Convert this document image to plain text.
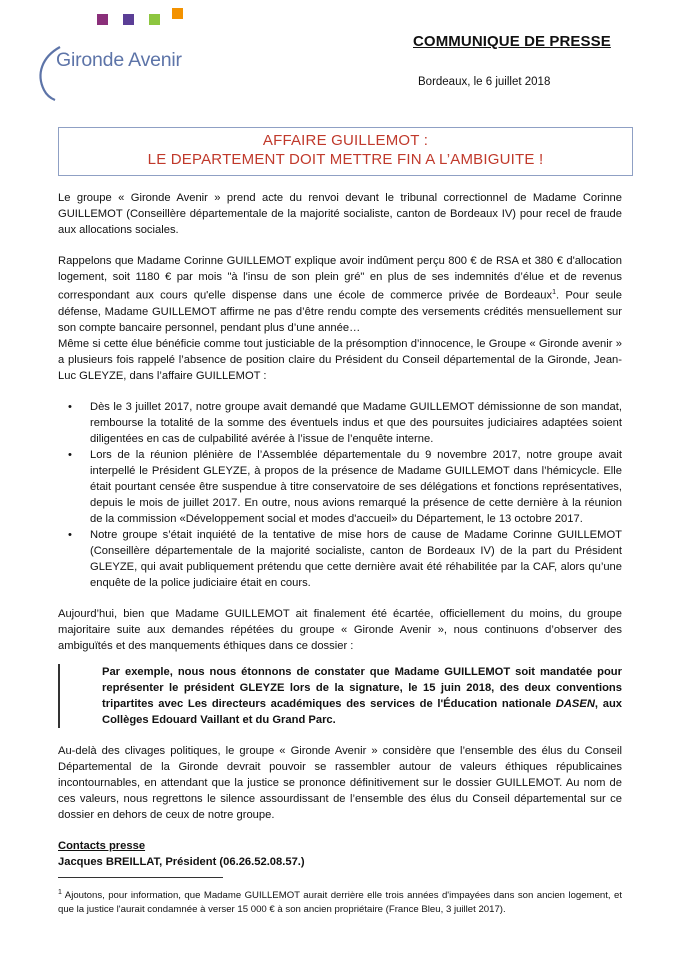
Gironde Avenir
COMMUNIQUE DE PRESSE
Bordeaux, le 6 juillet 2018
AFFAIRE GUILLEMOT :
LE DEPARTEMENT DOIT METTRE FIN A L’AMBIGUITE !

Le groupe « Gironde Avenir » prend acte du renvoi devant le tribunal correctionnel de Madame Corinne GUILLEMOT (Conseillère départementale de la majorité socialiste, canton de Bordeaux IV) pour recel de fraude aux allocations sociales.

Rappelons que Madame Corinne GUILLEMOT explique avoir indûment perçu 800 € de RSA et 380 € d'allocation logement, soit 1180 € par mois "à l'insu de son plein gré" en plus de ses indemnités d’élue et de revenus correspondant aux cours qu'elle dispense dans une école de commerce privée de Bordeaux$^1$. Pour seule défense, Madame GUILLEMOT affirme ne pas d’être rendu compte des versements crédités mensuellement sur son compte bancaire personnel, pendant plus d’une année…

Même si cette élue bénéficie comme tout justiciable de la présomption d’innocence, le Groupe « Gironde avenir » a plusieurs fois rappelé l’absence de position claire du Président du Conseil départemental de la Gironde, Jean-Luc GLEYZE, dans l’affaire GUILLEMOT :

• Dès le 3 juillet 2017, notre groupe avait demandé que Madame GUILLEMOT démissionne de son mandat, rembourse la totalité de la somme des éventuels indus et que des poursuites judiciaires adaptées soient diligentées en cas de culpabilité avérée à l’issue de l’enquête interne.
• Lors de la réunion plénière de l’Assemblée départementale du 9 novembre 2017, notre groupe avait interpellé le Président GLEYZE, à propos de la présence de Madame GUILLEMOT dans l’hémicycle. Elle était pourtant censée être suspendue à titre conservatoire de ses délégations et fonctions représentatives, depuis le mois de juillet 2017. En outre, nous avions remarqué la présence de cette dernière à la réunion de la commission «Développement social et modes d'accueil» du Département, le 13 octobre 2017.
• Notre groupe s’était inquiété de la tentative de mise hors de cause de Madame Corinne GUILLEMOT (Conseillère départementale de la majorité socialiste, canton de Bordeaux IV) de la part du Président GLEYZE, qui avait publiquement prétendu que cette dernière avait été réhabilitée par la CAF, alors qu’une enquête de la police judiciaire était en cours.

Aujourd’hui, bien que Madame GUILLEMOT ait finalement été écartée, officiellement du moins, du groupe majoritaire suite aux demandes répétées du groupe « Gironde Avenir », nous continuons d’observer des ambiguïtés et des manquements éthiques dans ce dossier :

Par exemple, nous nous étonnons de constater que Madame GUILLEMOT soit mandatée pour représenter le président GLEYZE lors de la signature, le 15 juin 2018, des deux conventions tripartites avec Les directeurs académiques des services de l'Éducation nationale DASEN, aux Collèges Edouard Vaillant et du Grand Parc.

Au-delà des clivages politiques, le groupe « Gironde Avenir » considère que l’ensemble des élus du Conseil Départemental de la Gironde devrait pouvoir se rassembler autour de valeurs éthiques républicaines incontournables, en attendant que la justice se prononce définitivement sur le dossier GUILLEMOT. Au nom de ces valeurs, nous regrettons le silence assourdissant de l’ensemble des élus du Conseil départemental sur ce dossier en dehors de ceux de notre groupe.

Contacts presse
Jacques BREILLAT, Président (06.26.52.08.57.)
$^1$ Ajoutons, pour information, que Madame GUILLEMOT aurait derrière elle trois années d'impayées dans son ancien logement, et que la justice l'aurait condamnée à verser 15 000 € à son ancien propriétaire (France Bleu, 3 juillet 2017).
